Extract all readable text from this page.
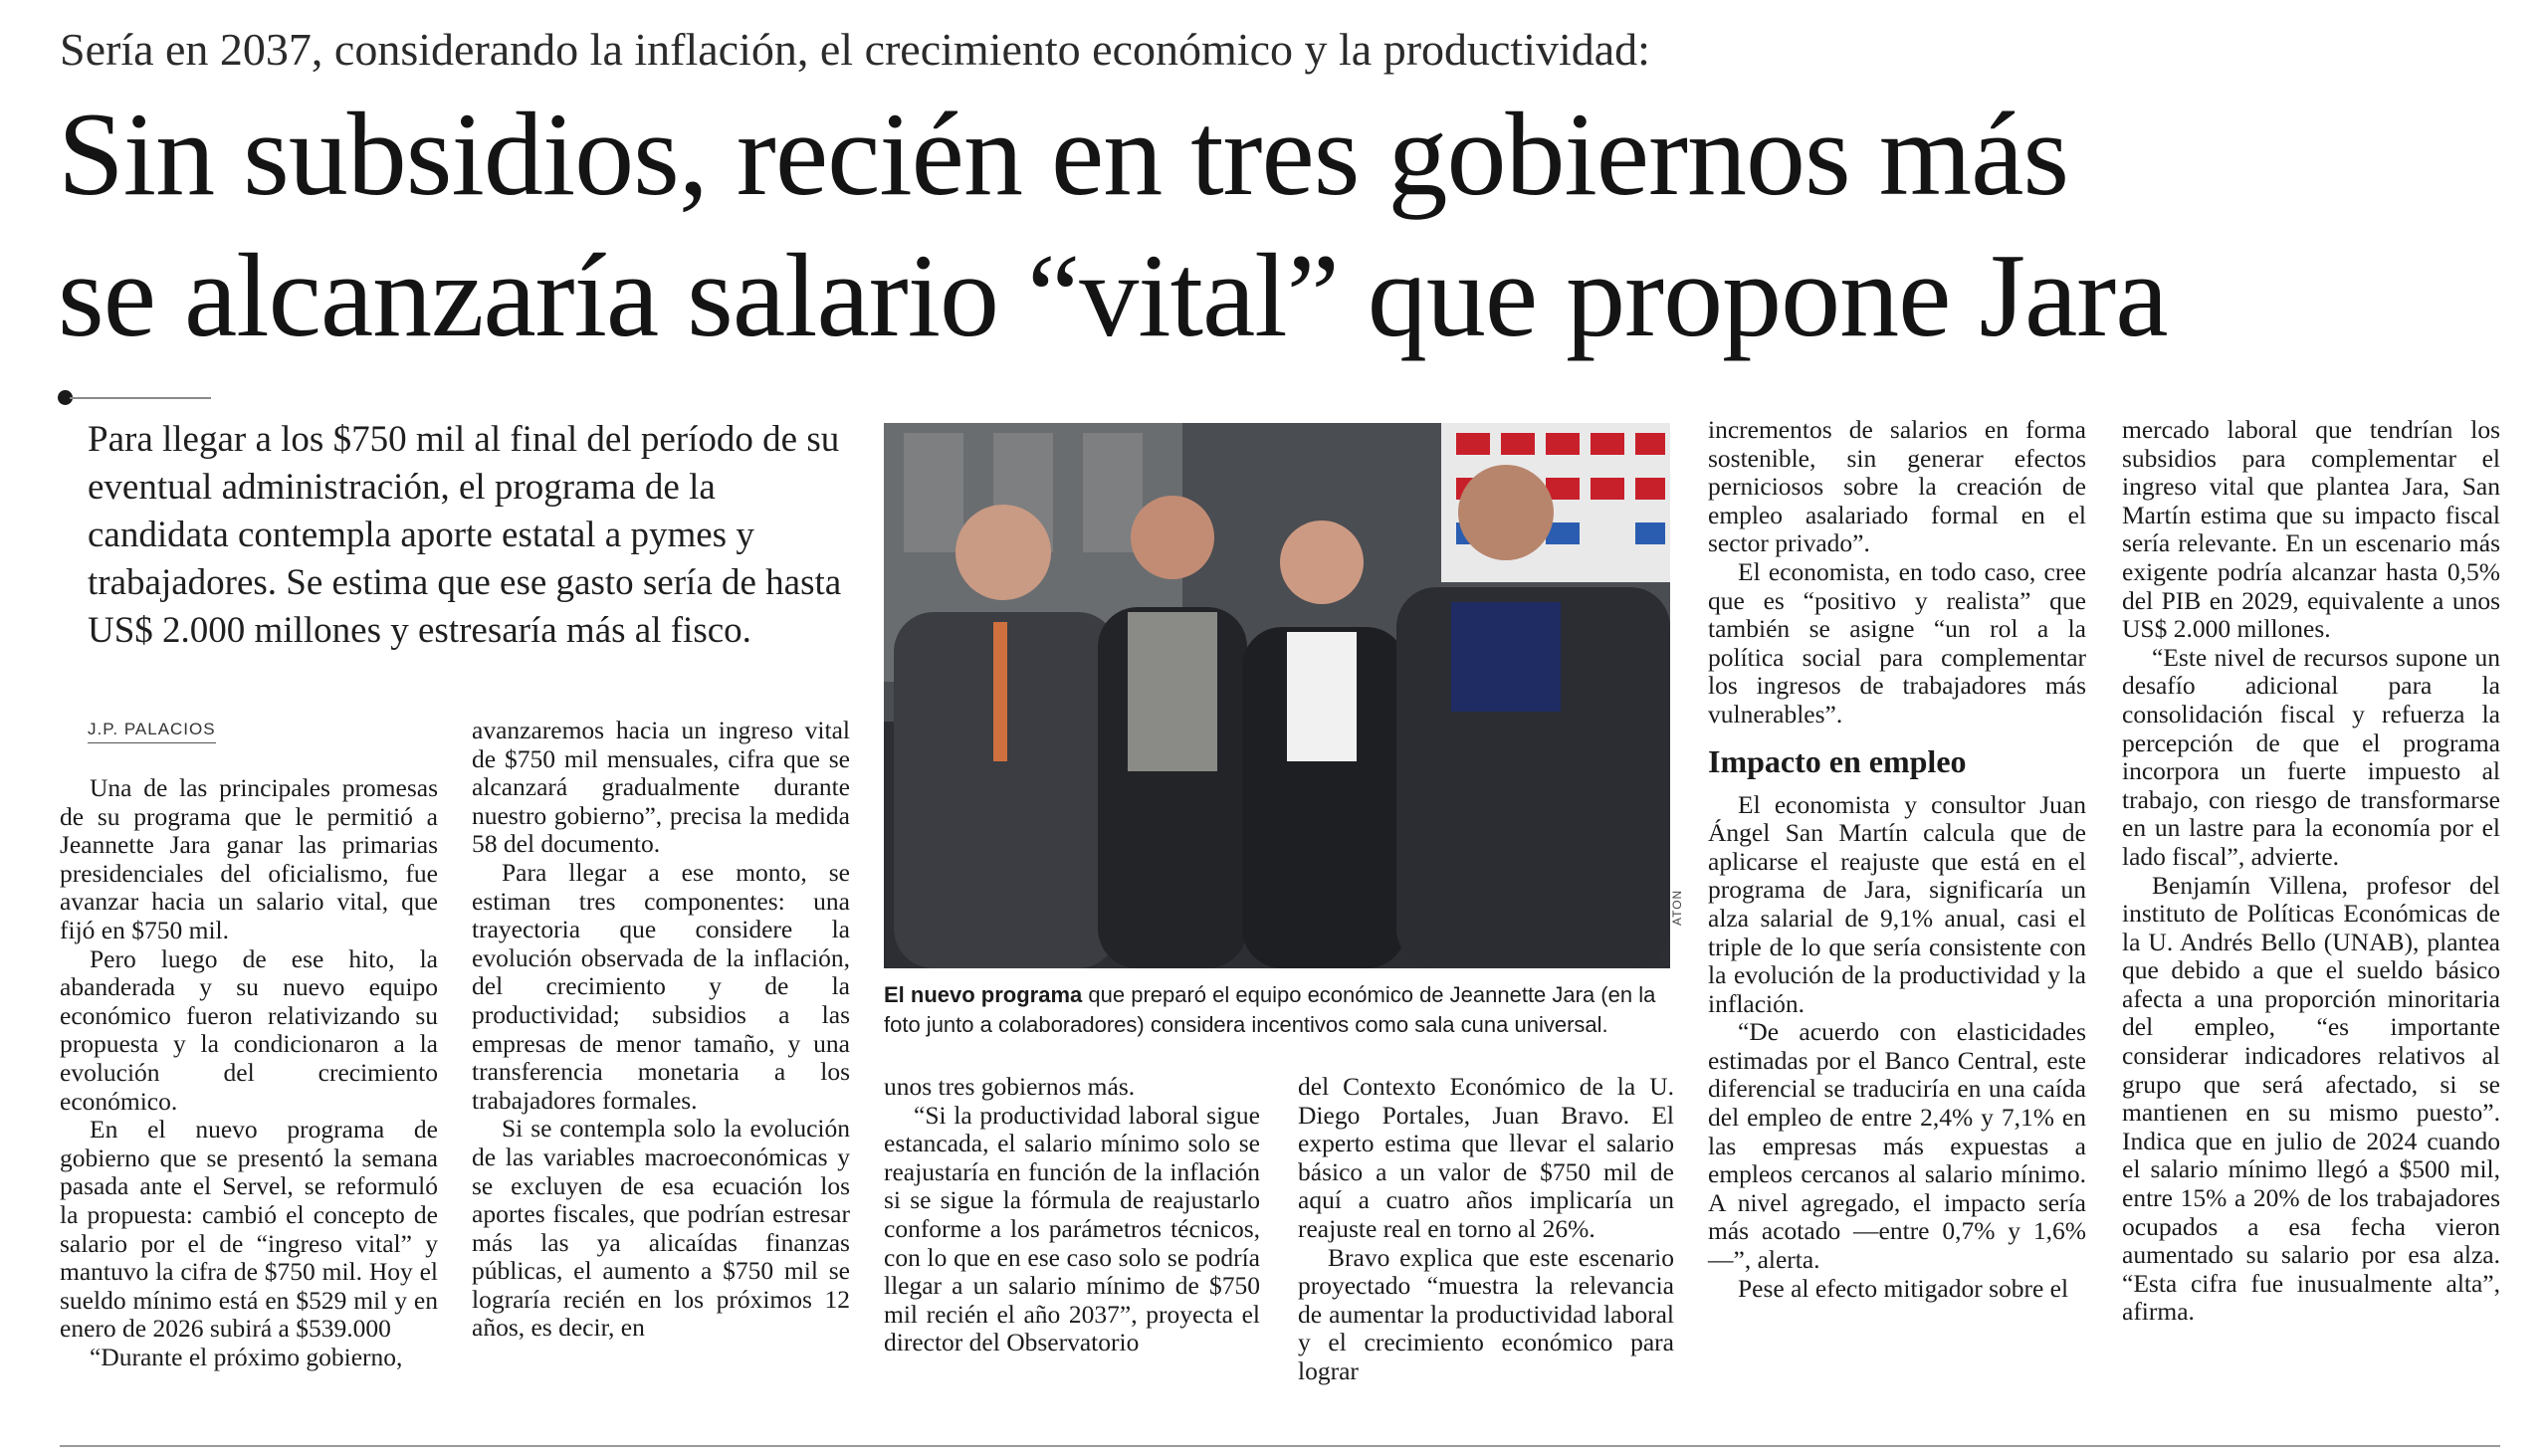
Sería en 2037, considerando la inflación, el crecimiento económico y la productividad:
Sin subsidios, recién en tres gobiernos más
se alcanzaría salario “vital” que propone Jara
Para llegar a los $750 mil al final del período de su eventual administración, el programa de la candidata contempla aporte estatal a pymes y trabajadores. Se estima que ese gasto sería de hasta US$ 2.000 millones y estresaría más al fisco.
J.P. PALACIOS

Una de las principales promesas de su programa que le permitió a Jeannette Jara ganar las primarias presidenciales del oficialismo, fue avanzar hacia un salario vital, que fijó en $750 mil.

Pero luego de ese hito, la abanderada y su nuevo equipo económico fueron relativizando su propuesta y la condicionaron a la evolución del crecimiento económico.

En el nuevo programa de gobierno que se presentó la semana pasada ante el Servel, se reformuló la propuesta: cambió el concepto de salario por el de “ingreso vital” y mantuvo la cifra de $750 mil. Hoy el sueldo mínimo está en $529 mil y en enero de 2026 subirá a $539.000

“Durante el próximo gobierno,

avanzaremos hacia un ingreso vital de $750 mil mensuales, cifra que se alcanzará gradualmente durante nuestro gobierno”, precisa la medida 58 del documento.

Para llegar a ese monto, se estiman tres componentes: una trayectoria que considere la evolución observada de la inflación, del crecimiento y de la productividad; subsidios a las empresas de menor tamaño, y una transferencia monetaria a los trabajadores formales.

Si se contempla solo la evolución de las variables macroeconómicas y se excluyen de esa ecuación los aportes fiscales, que podrían estresar más las ya alicaídas finanzas públicas, el aumento a $750 mil se lograría recién en los próximos 12 años, es decir, en

ATON
El nuevo programa que preparó el equipo económico de Jeannette Jara (en la foto junto a colaboradores) considera incentivos como sala cuna universal.

unos tres gobiernos más.

“Si la productividad laboral sigue estancada, el salario mínimo solo se reajustaría en función de la inflación si se sigue la fórmula de reajustarlo conforme a los parámetros técnicos, con lo que en ese caso solo se podría llegar a un salario mínimo de $750 mil recién el año 2037”, proyecta el director del Observatorio

del Contexto Económico de la U. Diego Portales, Juan Bravo. El experto estima que llevar el salario básico a un valor de $750 mil de aquí a cuatro años implicaría un reajuste real en torno al 26%.

Bravo explica que este escenario proyectado “muestra la relevancia de aumentar la productividad laboral y el crecimiento económico para lograr

incrementos de salarios en forma sostenible, sin generar efectos perniciosos sobre la creación de empleo asalariado formal en el sector privado”.

El economista, en todo caso, cree que es “positivo y realista” que también se asigne “un rol a la política social para complementar los ingresos de trabajadores más vulnerables”.

Impacto en empleo

El economista y consultor Juan Ángel San Martín calcula que de aplicarse el reajuste que está en el programa de Jara, significaría un alza salarial de 9,1% anual, casi el triple de lo que sería consistente con la evolución de la productividad y la inflación.

“De acuerdo con elasticidades estimadas por el Banco Central, este diferencial se traduciría en una caída del empleo de entre 2,4% y 7,1% en las empresas más expuestas a empleos cercanos al salario mínimo. A nivel agregado, el impacto sería más acotado —entre 0,7% y 1,6%—”, alerta.

Pese al efecto mitigador sobre el

mercado laboral que tendrían los subsidios para complementar el ingreso vital que plantea Jara, San Martín estima que su impacto fiscal sería relevante. En un escenario más exigente podría alcanzar hasta 0,5% del PIB en 2029, equivalente a unos US$ 2.000 millones.

“Este nivel de recursos supone un desafío adicional para la consolidación fiscal y refuerza la percepción de que el programa incorpora un fuerte impuesto al trabajo, con riesgo de transformarse en un lastre para la economía por el lado fiscal”, advierte.

Benjamín Villena, profesor del instituto de Políticas Económicas de la U. Andrés Bello (UNAB), plantea que debido a que el sueldo básico afecta a una proporción minoritaria del empleo, “es importante considerar indicadores relativos al grupo que será afectado, si se mantienen en su mismo puesto”. Indica que en julio de 2024 cuando el salario mínimo llegó a $500 mil, entre 15% a 20% de los trabajadores ocupados a esa fecha vieron aumentado su salario por esa alza. “Esta cifra fue inusualmente alta”, afirma.
